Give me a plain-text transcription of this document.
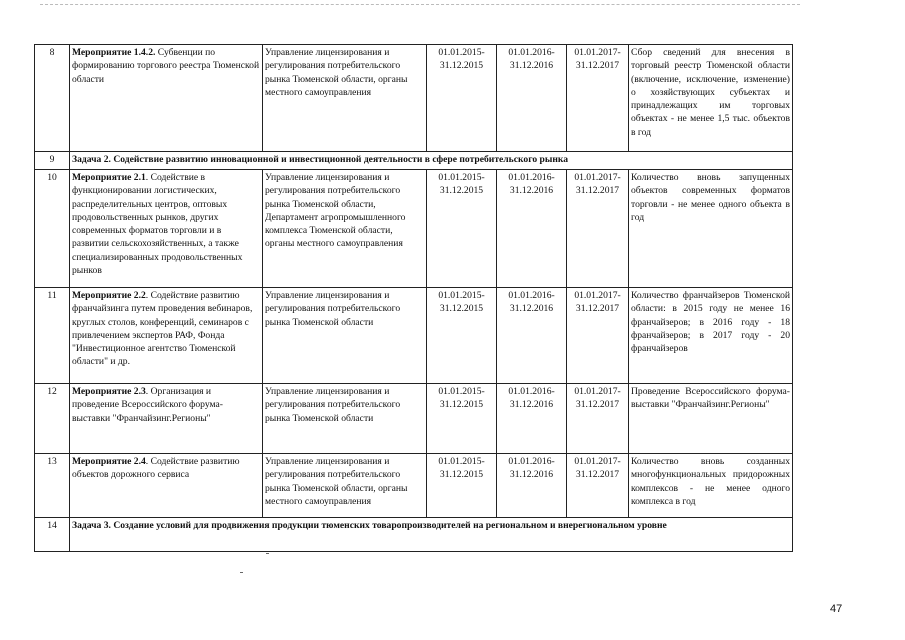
8	Мероприятие 1.4.2. Субвенции по формированию торгового реестра Тюменской области	Управление лицензирования и регулирования потребительского рынка Тюменской области, органы местного самоуправления	01.01.2015-31.12.2015	01.01.2016-31.12.2016	01.01.2017-31.12.2017	Сбор сведений для внесения в торговый реестр Тюменской области (включение, исключение, изменение) о хозяйствующих субъектах и принадлежащих им торговых объектах - не менее 1,5 тыс. объектов в год

9	Задача 2. Содействие развитию инновационной и инвестиционной деятельности в сфере потребительского рынка					
10	Мероприятие 2.1. Содействие в функционировании логистических, распределительных центров, оптовых продовольственных рынков, других современных форматов торговли и в развитии сельскохозяйственных, а также специализированных продовольственных рынков	Управление лицензирования и регулирования потребительского рынка Тюменской области, Департамент агропромышленного комплекса Тюменской области, органы местного самоуправления	01.01.2015-31.12.2015	01.01.2016-31.12.2016	01.01.2017-31.12.2017	Количество вновь запущенных объектов современных форматов торговли - не менее одного объекта в год
11	Мероприятие 2.2. Содействие развитию франчайзинга путем проведения вебинаров, круглых столов, конференций, семинаров с привлечением экспертов РАФ, Фонда "Инвестиционное агентство Тюменской области" и др.	Управление лицензирования и регулирования потребительского рынка Тюменской области	01.01.2015-31.12.2015	01.01.2016-31.12.2016	01.01.2017-31.12.2017	Количество франчайзеров Тюменской области: в 2015 году не менее 16 франчайзеров; в 2016 году - 18 франчайзеров; в 2017 году - 20 франчайзеров
12	Мероприятие 2.3. Организация и проведение Всероссийского форума-выставки "Франчайзинг.Регионы"	Управление лицензирования и регулирования потребительского рынка Тюменской области	01.01.2015-31.12.2015	01.01.2016-31.12.2016	01.01.2017-31.12.2017	Проведение Всероссийского форума-выставки "Франчайзинг.Регионы"
13	Мероприятие 2.4. Содействие развитию объектов дорожного сервиса	Управление лицензирования и регулирования потребительского рынка Тюменской области, органы местного самоуправления	01.01.2015-31.12.2015	01.01.2016-31.12.2016	01.01.2017-31.12.2017	Количество вновь созданных многофункциональных придорожных комплексов - не менее одного комплекса в год
14	Задача 3. Создание условий для продвижения продукции тюменских товаропроизводителей на региональном и внерегиональном уровне					
47
